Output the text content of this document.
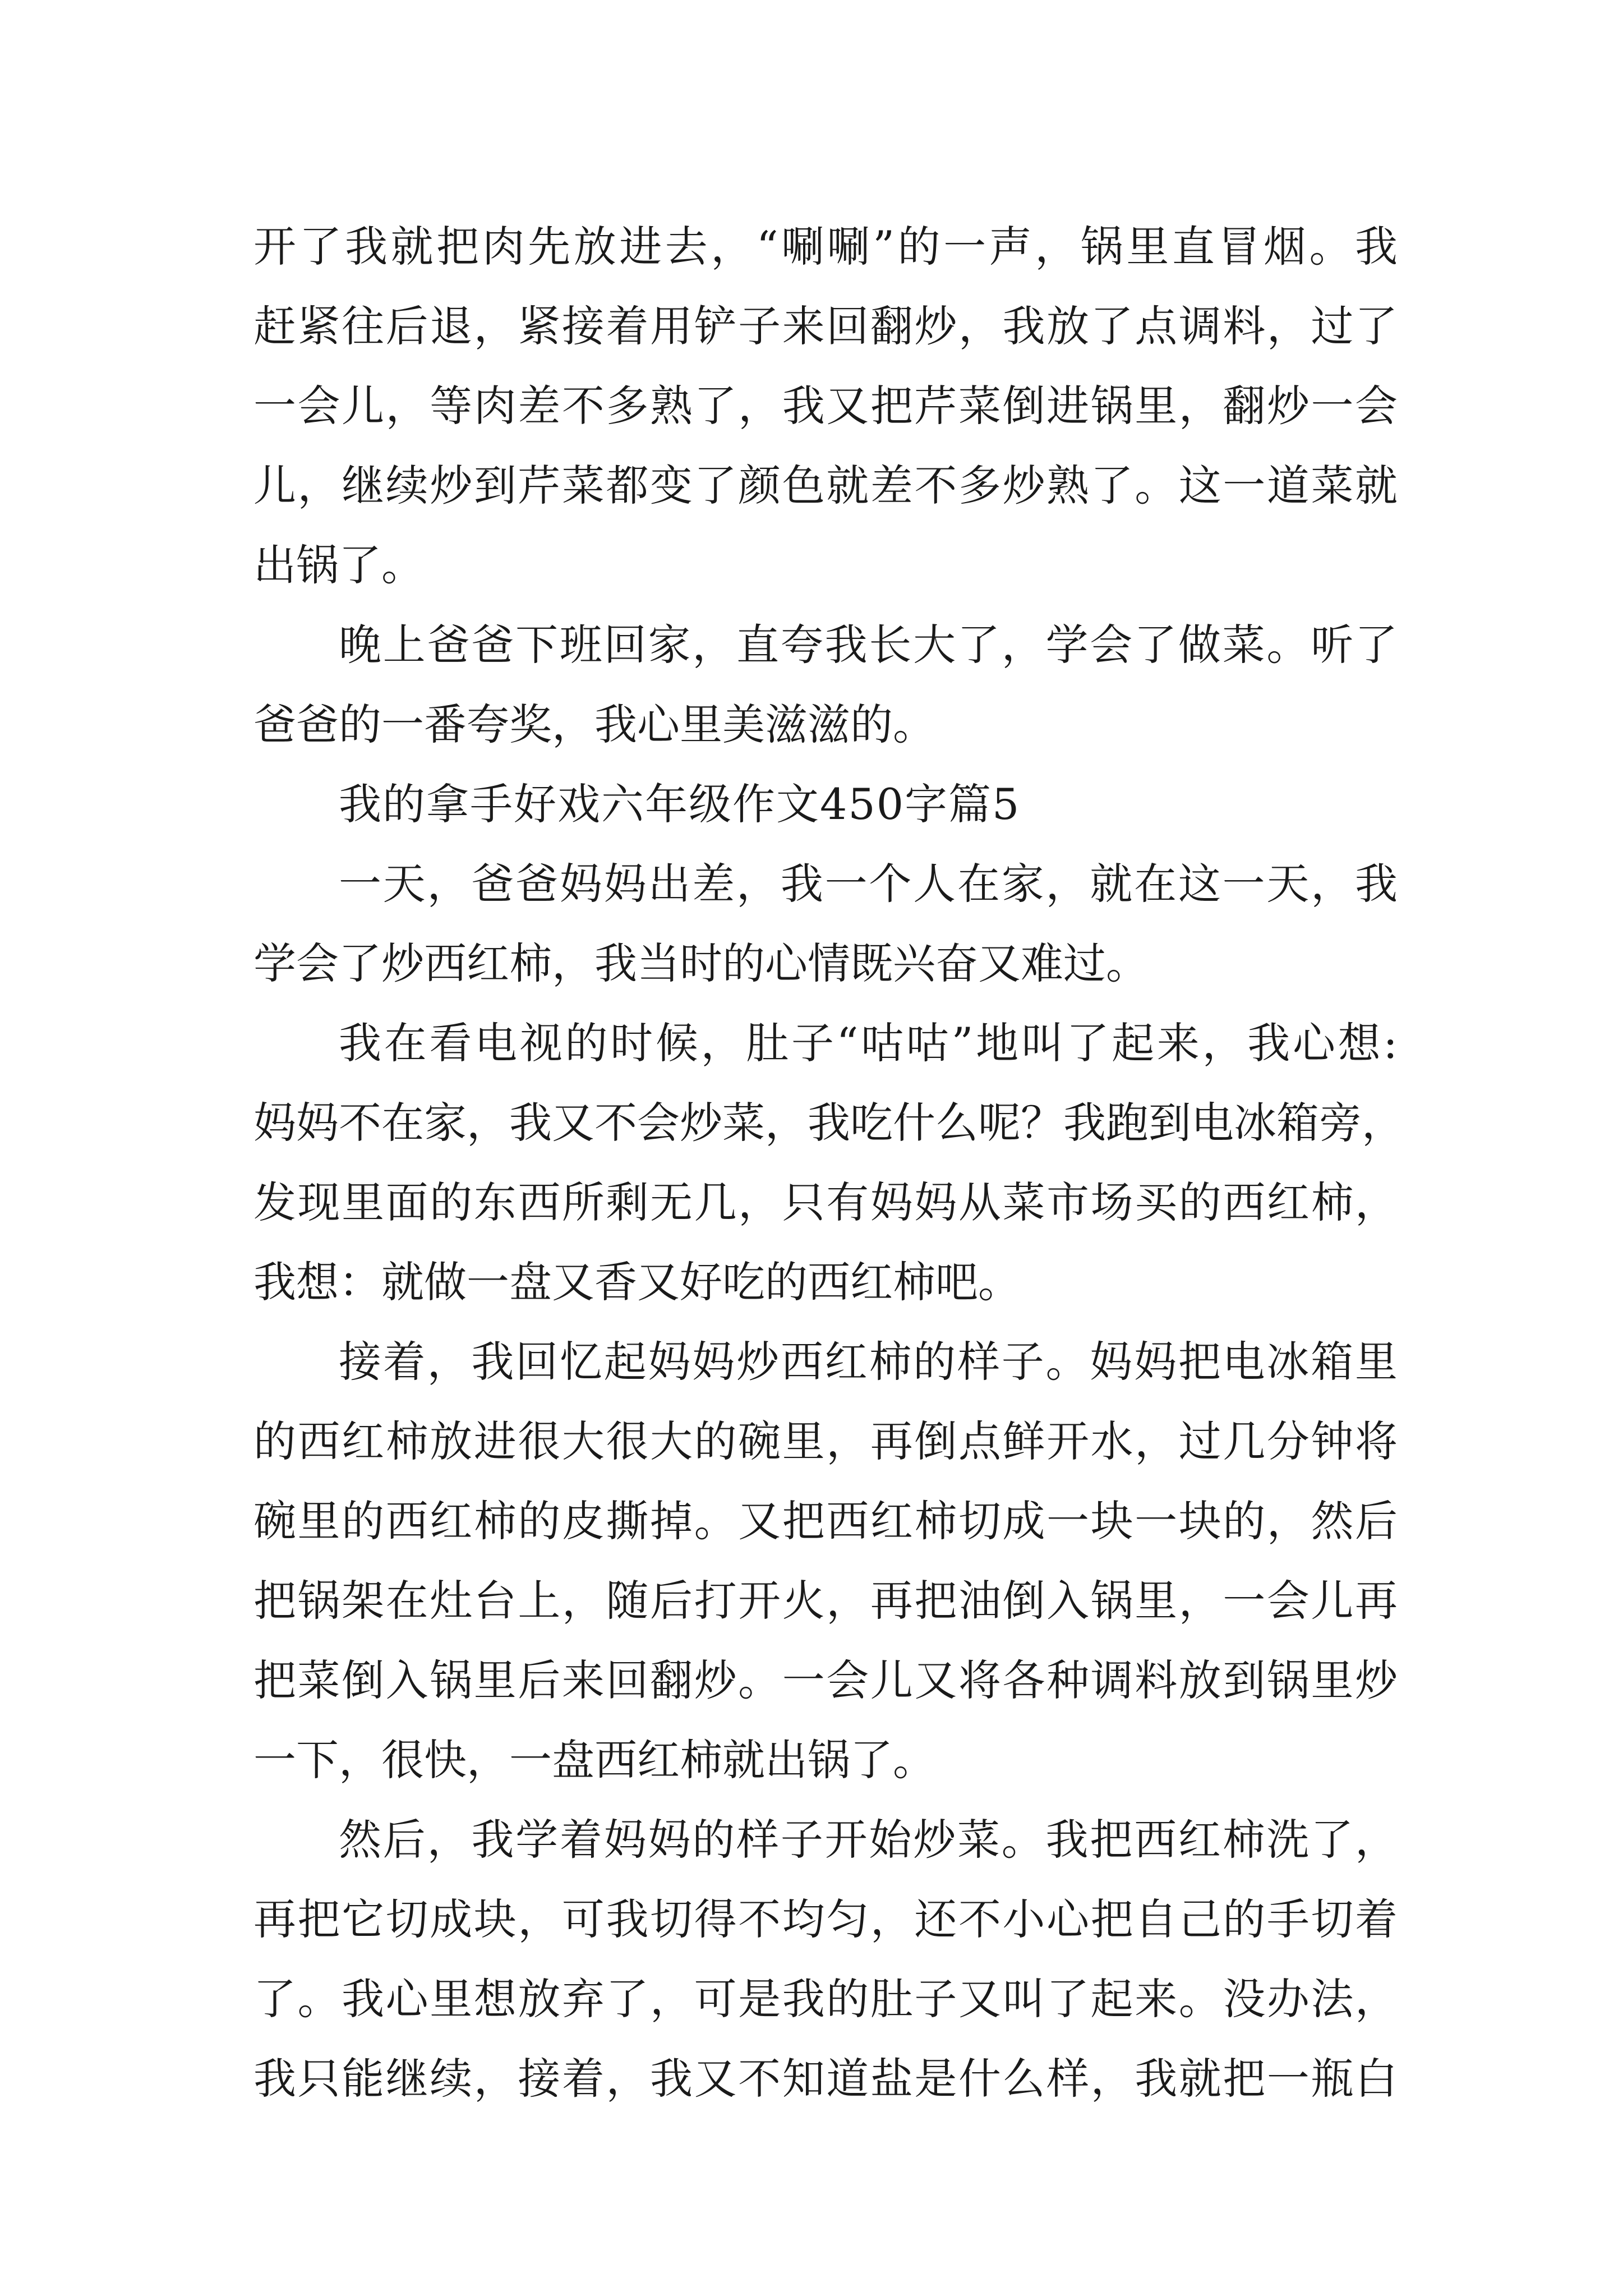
开了我就把肉先放进去，“唰唰”的一声，锅里直冒烟。我
赶紧往后退，紧接着用铲子来回翻炒，我放了点调料，过了
一会儿，等肉差不多熟了，我又把芹菜倒进锅里，翻炒一会
儿，继续炒到芹菜都变了颜色就差不多炒熟了。这一道菜就
出锅了。
晚上爸爸下班回家，直夸我长大了，学会了做菜。听了
爸爸的一番夸奖，我心里美滋滋的。
我的拿手好戏六年级作文450字篇5
一天，爸爸妈妈出差，我一个人在家，就在这一天，我
学会了炒西红柿，我当时的心情既兴奋又难过。
我在看电视的时候，肚子“咕咕”地叫了起来，我心想:
妈妈不在家，我又不会炒菜，我吃什么呢？我跑到电冰箱旁，
发现里面的东西所剩无几，只有妈妈从菜市场买的西红柿，
我想：就做一盘又香又好吃的西红柿吧。
接着，我回忆起妈妈炒西红柿的样子。妈妈把电冰箱里
的西红柿放进很大很大的碗里，再倒点鲜开水，过几分钟将
碗里的西红柿的皮撕掉。又把西红柿切成一块一块的，然后
把锅架在灶台上，随后打开火，再把油倒入锅里，一会儿再
把菜倒入锅里后来回翻炒。一会儿又将各种调料放到锅里炒
一下，很快，一盘西红柿就出锅了。
然后，我学着妈妈的样子开始炒菜。我把西红柿洗了，
再把它切成块，可我切得不均匀，还不小心把自己的手切着
了。我心里想放弃了，可是我的肚子又叫了起来。没办法，
我只能继续，接着，我又不知道盐是什么样，我就把一瓶白
